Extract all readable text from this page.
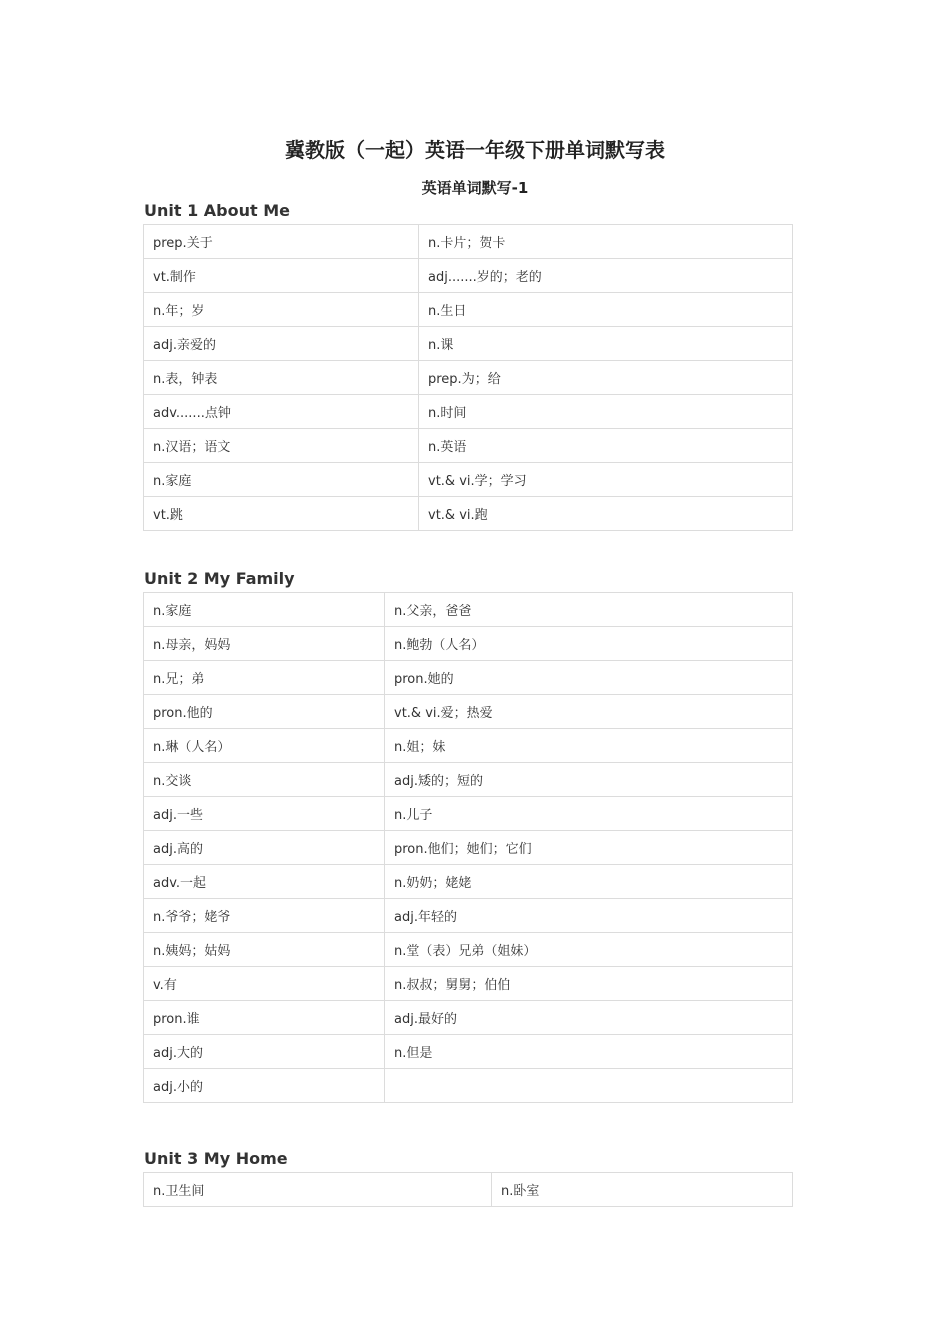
冀教版（一起）英语一年级下册单词默写表
英语单词默写-1
Unit 1 About Me
prep.关于	n.卡片；贺卡
vt.制作	adj.......岁的；老的
n.年；岁	n.生日
adj.亲爱的	n.课
n.表，钟表	prep.为；给
adv.......点钟	n.时间
n.汉语；语文	n.英语
n.家庭	vt.& vi.学；学习
vt.跳	vt.& vi.跑
Unit 2 My Family
n.家庭	n.父亲，爸爸
n.母亲，妈妈	n.鲍勃（人名）
n.兄；弟	pron.她的
pron.他的	vt.& vi.爱；热爱
n.琳（人名）	n.姐；妹
n.交谈	adj.矮的；短的
adj.一些	n.儿子
adj.高的	pron.他们；她们；它们
adv.一起	n.奶奶；姥姥
n.爷爷；姥爷	adj.年轻的
n.姨妈；姑妈	n.堂（表）兄弟（姐妹）
v.有	n.叔叔；舅舅；伯伯
pron.谁	adj.最好的
adj.大的	n.但是
adj.小的	
Unit 3 My Home
n.卫生间	n.卧室
